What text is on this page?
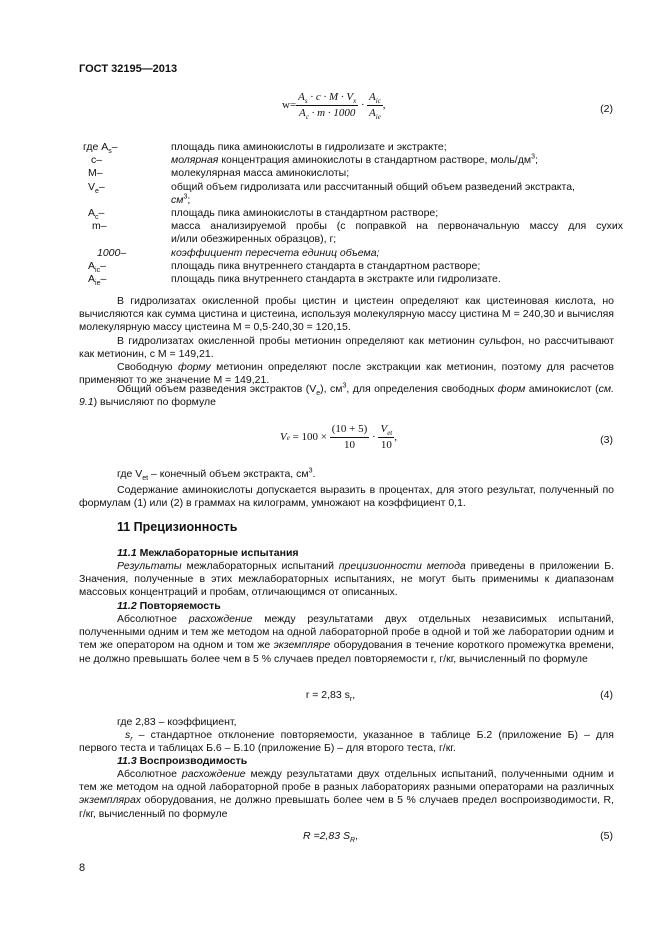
ГОСТ 32195—2013
$w= \frac{A_s \cdot c \cdot M \cdot V_x}{A_c \cdot m \cdot 1000} \cdot \frac{A_{ic}}{A_{ie}}$ ,	(2)
где $A_s-$	площадь пика аминокислоты в гидролизате и экстракте;
c–	молярная концентрация аминокислоты в стандартном растворе, моль/$дм^3$;
M–	молекулярная масса аминокислоты;
$V_e-$	общий объем гидролизата или рассчитанный общий объем разведений экстракта,
$см^3$;
$A_c-$	площадь пика аминокислоты в стандартном растворе;
m–	масса анализируемой пробы (с поправкой на первоначальную массу для сухих
и/или обезжиренных образцов), г;
1000–	коэффициент пересчета единиц объема;
$A_{ic}-$	площадь пика внутреннего стандарта в стандартном растворе;
$A_{ie}-$	площадь пика внутреннего стандарта в экстракте или гидролизате.
В гидролизатах окисленной пробы цистин и цистеин определяют как цистеиновая кислота, но вычисляются как сумма цистина и цистеина, используя молекулярную массу цистина M = 240,30 и вычисляя молекулярную массу цистеина M = 0,5·240,30 = 120,15.
В гидролизатах окисленной пробы метионин определяют как метионин сульфон, но рассчитывают как метионин, с M = 149,21.
Свободную форму метионин определяют после экстракции как метионин, поэтому для расчетов применяют то же значение M = 149,21.
Общий объем разведения экстрактов $(V_e)$, $см^3$, для определения свободных форм аминокислот (см. 9.1) вычисляют по формуле
V $e = 100 \times \frac{(10 + 5)}{10} \cdot \frac{V_{et}}{10}$ ,	(3)
где $V_{et}$ – конечный объем экстракта, $см^3$.
Содержание аминокислоты допускается выразить в процентах, для этого результат, полученный по формулам (1) или (2) в граммах на килограмм, умножают на коэффициент 0,1.
11 Прецизионность
11.1 Межлабораторные испытания
Результаты межлабораторных испытаний прецизионности метода приведены в приложении Б. Значения, полученные в этих межлабораторных испытаниях, не могут быть применимы к диапазонам массовых концентраций и пробам, отличающимся от описанных.
11.2 Повторяемость
Абсолютное расхождение между результатами двух отдельных независимых испытаний, полученными одним и тем же методом на одной лабораторной пробе в одной и той же лаборатории одним и тем же оператором на одном и том же экземпляре оборудования в течение короткого промежутка времени, не должно превышать более чем в 5 % случаев предел повторяемости r, г/кг, вычисленный по формуле
r = 2,83 $s_r$,	(4)
где 2,83 – коэффициент,
$s_r$ – стандартное отклонение повторяемости, указанное в таблице Б.2 (приложение Б) – для первого теста и таблицах Б.6 – Б.10 (приложение Б) – для второго теста, г/кг.
11.3 Воспроизводимость
Абсолютное расхождение между результатами двух отдельных испытаний, полученными одним и тем же методом на одной лабораторной пробе в разных лабораториях разными операторами на различных экземплярах оборудования, не должно превышать более чем в 5 % случаев предел воспроизводимости, R, г/кг, вычисленный по формуле
R =2,83 $S_R$,	(5)
8
